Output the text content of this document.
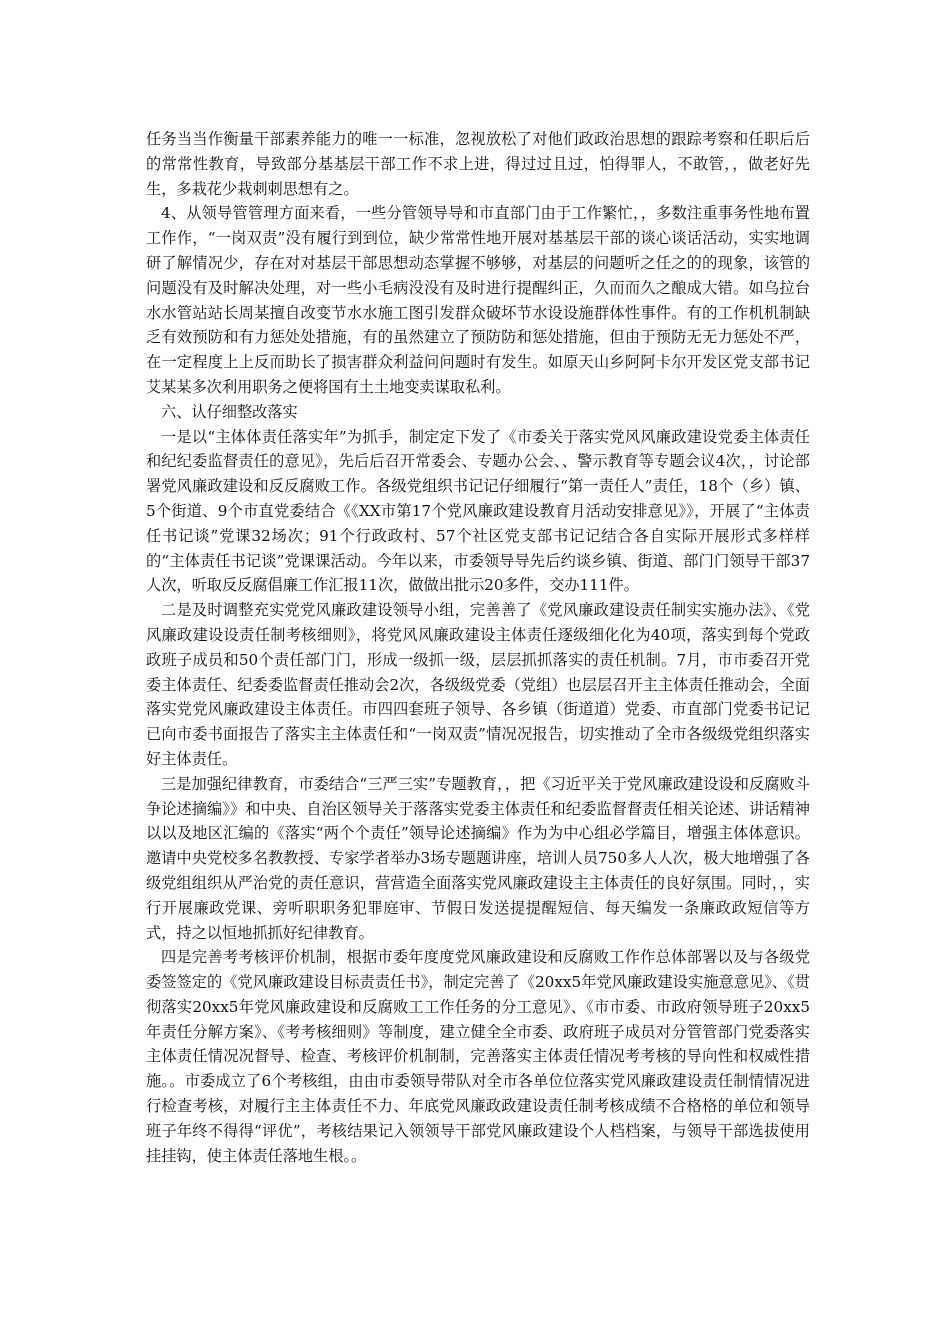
任务当当作衡量干部素养能力的唯一一标准，忽视放松了对他们政政治思想的跟踪考察和任职后后的常常性教育，导致部分基基层干部工作不求上进，得过过且过，怕得罪人，不敢管，，做老好先生，多栽花少栽刺刺思想有之。

4、从领导管管理方面来看，一些分管领导导和市直部门由于工作繁忙，，多数注重事务性地布置工作作，“一岗双责”没有履行到到位，缺少常常性地开展对基基层干部的谈心谈话活动，实实地调研了解情况少，存在对对基层干部思想动态掌握不够够，对基层的问题听之任之的的现象，该管的问题没有及时解决处理，对一些小毛病没没有及时进行提醒纠正，久而而久之酿成大错。如乌拉台水水管站站长周某擅自改变节水水施工图引发群众破坏节水设设施群体性事件。有的工作机机制缺乏有效预防和有力惩处处措施，有的虽然建立了预防防和惩处措施，但由于预防无无力惩处不严，在一定程度上上反而助长了损害群众利益问问题时有发生。如原天山乡阿阿卡尔开发区党支部书记艾某某多次利用职务之便将国有土土地变卖谋取私利。

六、认仔细整改落实

一是以“主体体责任落实年”为抓手，制定定下发了《市委关于落实党风风廉政建设党委主体责任和纪纪委监督责任的意见》，先后后召开常委会、专题办公会、、警示教育等专题会议4次，，讨论部署党风廉政建设和反反腐败工作。各级党组织书记记仔细履行“第一责任人”责任，18个（乡）镇、5个街道、9个市直党委结合《《XX市第17个党风廉政建设教育月活动安排意见》》，开展了“主体责任书记谈”党课32场次；91个行政政村、57个社区党支部书记记结合各自实际开展形式多样样的“主体责任书记谈”党课课活动。今年以来，市委领导导先后约谈乡镇、街道、部门门领导干部37人次，听取反反腐倡廉工作汇报11次，做做出批示20多件，交办111件。

二是及时调整充实党党风廉政建设领导小组，完善善了《党风廉政建设责任制实实施办法》、《党风廉政建设设责任制考核细则》，将党风风廉政建设主体责任逐级细化化为40项，落实到每个党政政班子成员和50个责任部门门，形成一级抓一级，层层抓抓落实的责任机制。7月，市市委召开党委主体责任、纪委委监督责任推动会2次，各级级党委（党组）也层层召开主主体责任推动会，全面落实党党风廉政建设主体责任。市四四套班子领导、各乡镇（街道道）党委、市直部门党委书记记已向市委书面报告了落实主主体责任和“一岗双责”情况况报告，切实推动了全市各级级党组织落实好主体责任。

三是加强纪律教育，市委结合“三严三实”专题教育，，把《习近平关于党风廉政建设设和反腐败斗争论述摘编》》和中央、自治区领导关于落落实党委主体责任和纪委监督督责任相关论述、讲话精神以以及地区汇编的《落实“两个个责任”领导论述摘编》作为为中心组必学篇目，增强主体体意识。邀请中央党校多名教教授、专家学者举办3场专题题讲座，培训人员750多人人次，极大地增强了各级党组组织从严治党的责任意识，营营造全面落实党风廉政建设主主体责任的良好氛围。同时，，实行开展廉政党课、旁听职职务犯罪庭审、节假日发送提提醒短信、每天编发一条廉政政短信等方式，持之以恒地抓抓好纪律教育。

四是完善考考核评价机制，根据市委年度度党风廉政建设和反腐败工作作总体部署以及与各级党委签签定的《党风廉政建设目标责责任书》，制定完善了《20xx5年党风廉政建设实施意意见》、《贯彻落实20xx5年党风廉政建设和反腐败工工作任务的分工意见》、《市市委、市政府领导班子20xx5年责任分解方案》、《考考核细则》等制度，建立健全全市委、政府班子成员对分管管部门党委落实主体责任情况况督导、检查、考核评价机制制，完善落实主体责任情况考考核的导向性和权威性措施。。市委成立了6个考核组，由由市委领导带队对全市各单位位落实党风廉政建设责任制情情况进行检查考核，对履行主主体责任不力、年底党风廉政政建设责任制考核成绩不合格格的单位和领导班子年终不得得“评优”，考核结果记入领领导干部党风廉政建设个人档档案，与领导干部选拔使用挂挂钩，使主体责任落地生根。。
